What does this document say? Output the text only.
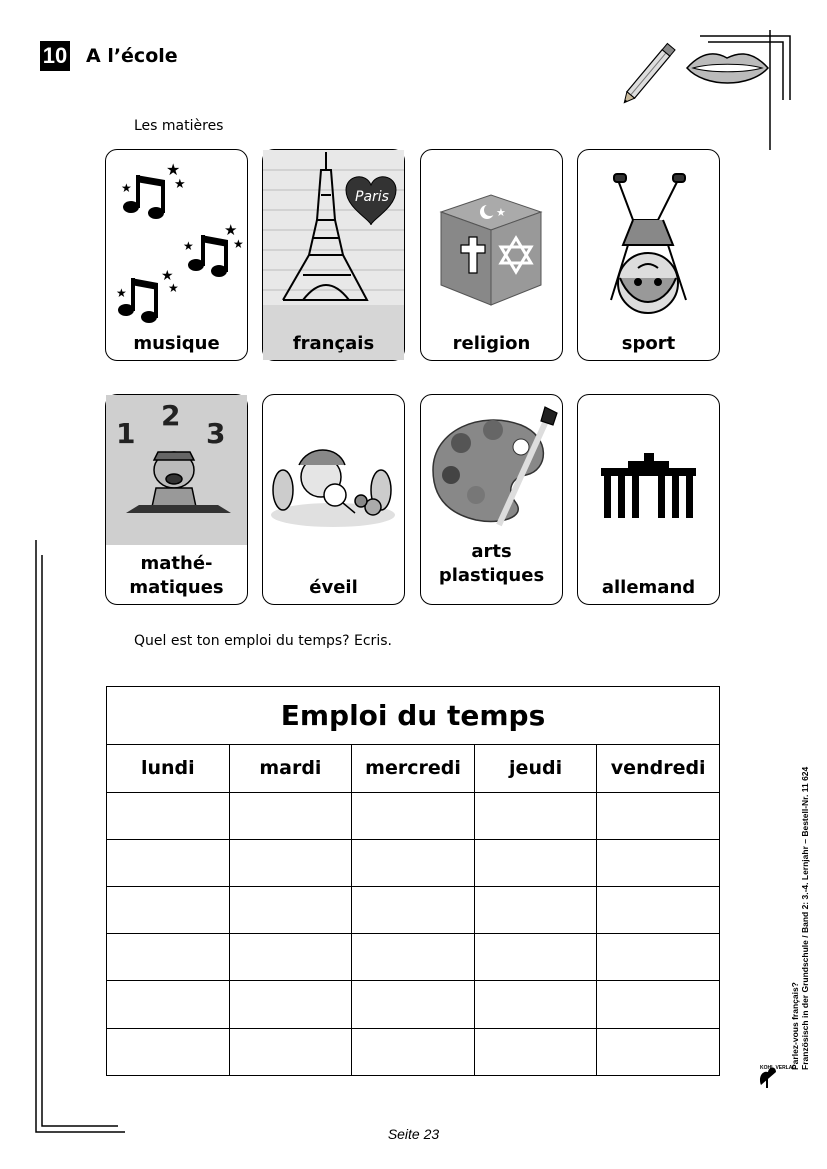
10 A l’école
Les matières
★
★
★
★
★
★
★
★
★
musique
Paris
français
★
religion	sport
1
2
3
mathé-
matiques	éveil
arts
plastiques
allemand
Quel est ton emploi du temps? Ecris.
Emploi du temps				
lundi	mardi	mercredi	jeudi	vendredi

Parlez-vous français? Französisch in der Grundschule / Band 2: 3.-4. Lernjahr – Bestell-Nr. 11 624
KOHL VERLAG
Seite 23
